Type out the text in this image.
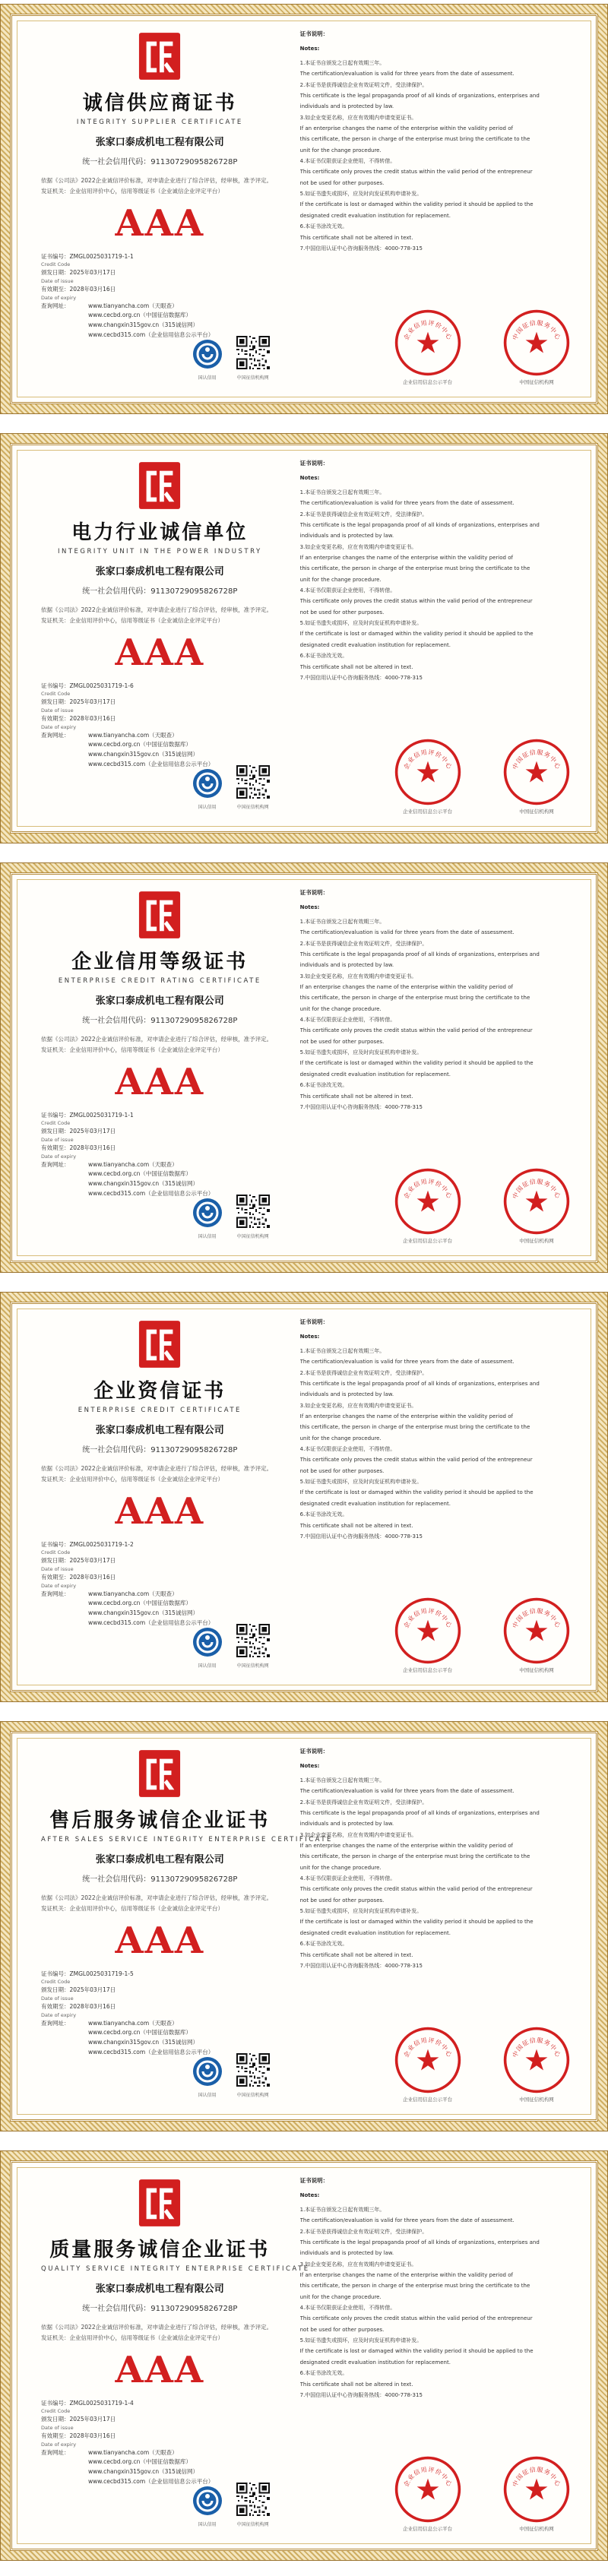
诚信供应商证书
INTEGRITY SUPPLIER CERTIFICATE
张家口泰成机电工程有限公司
统一社会信用代码：91130729095826728P
依据《公司法》2022企业诚信评价标准，对申请企业进行了综合评估，经审核，准予评定。
发证机关：企业信用评价中心，信用等级证书（企业诚信企业评定平台）
AAA
证书编号：ZMGL0025031719-1-1
Credit Code
颁发日期：2025年03月17日
Date of issue
有效期至：2028年03月16日
Date of expiry
查询网址：	www.tianyancha.com（天眼查）
www.cecbd.org.cn（中国征信数据库）
www.changxin315gov.cn（315诚信网）
www.cecbd315.com（企业信用信息公示平台）
国认信用	中国征信机构网
证书说明：
Notes:

1.本证书自颁发之日起有效期三年。

The certification/evaluation is valid for three years from the date of assessment.

2.本证书是获得诚信企业有效证明文件，受法律保护。

This certificate is the legal propaganda proof of all kinds of organizations, enterprises and

individuals and is protected by law.

3.如企业变更名称，应在有效期内申请变更证书。

If an enterprise changes the name of the enterprise within the validity period of

this certificate, the person in charge of the enterprise must bring the certificate to the

unit for the change procedure.

4.本证书仅限获证企业使用，不得转借。

This certificate only proves the credit status within the valid period of the entrepreneur

not be used for other purposes.

5.如证书遗失或损坏，应及时向发证机构申请补发。

If the certificate is lost or damaged within the validity period it should be applied to the

designated credit evaluation institution for replacement.

6.本证书涂改无效。

This certificate shall not be altered in text.

7.中国信用认证中心咨询服务热线：4000-778-315

企业信用评价中心
企业信用信息公示平台
中国征信服务中心
中国征信机构网
电力行业诚信单位
INTEGRITY UNIT IN THE POWER INDUSTRY
张家口泰成机电工程有限公司
统一社会信用代码：91130729095826728P
依据《公司法》2022企业诚信评价标准，对申请企业进行了综合评估，经审核，准予评定。
发证机关：企业信用评价中心，信用等级证书（企业诚信企业评定平台）
AAA
证书编号：ZMGL0025031719-1-6
Credit Code
颁发日期：2025年03月17日
Date of issue
有效期至：2028年03月16日
Date of expiry
查询网址：	www.tianyancha.com（天眼查）
www.cecbd.org.cn（中国征信数据库）
www.changxin315gov.cn（315诚信网）
www.cecbd315.com（企业信用信息公示平台）
国认信用	中国征信机构网
证书说明：
Notes:

1.本证书自颁发之日起有效期三年。

The certification/evaluation is valid for three years from the date of assessment.

2.本证书是获得诚信企业有效证明文件，受法律保护。

This certificate is the legal propaganda proof of all kinds of organizations, enterprises and

individuals and is protected by law.

3.如企业变更名称，应在有效期内申请变更证书。

If an enterprise changes the name of the enterprise within the validity period of

this certificate, the person in charge of the enterprise must bring the certificate to the

unit for the change procedure.

4.本证书仅限获证企业使用，不得转借。

This certificate only proves the credit status within the valid period of the entrepreneur

not be used for other purposes.

5.如证书遗失或损坏，应及时向发证机构申请补发。

If the certificate is lost or damaged within the validity period it should be applied to the

designated credit evaluation institution for replacement.

6.本证书涂改无效。

This certificate shall not be altered in text.

7.中国信用认证中心咨询服务热线：4000-778-315

企业信用评价中心
企业信用信息公示平台
中国征信服务中心
中国征信机构网
企业信用等级证书
ENTERPRISE CREDIT RATING CERTIFICATE
张家口泰成机电工程有限公司
统一社会信用代码：91130729095826728P
依据《公司法》2022企业诚信评价标准，对申请企业进行了综合评估，经审核，准予评定。
发证机关：企业信用评价中心，信用等级证书（企业诚信企业评定平台）
AAA
证书编号：ZMGL0025031719-1-1
Credit Code
颁发日期：2025年03月17日
Date of issue
有效期至：2028年03月16日
Date of expiry
查询网址：	www.tianyancha.com（天眼查）
www.cecbd.org.cn（中国征信数据库）
www.changxin315gov.cn（315诚信网）
www.cecbd315.com（企业信用信息公示平台）
国认信用	中国征信机构网
证书说明：
Notes:

1.本证书自颁发之日起有效期三年。

The certification/evaluation is valid for three years from the date of assessment.

2.本证书是获得诚信企业有效证明文件，受法律保护。

This certificate is the legal propaganda proof of all kinds of organizations, enterprises and

individuals and is protected by law.

3.如企业变更名称，应在有效期内申请变更证书。

If an enterprise changes the name of the enterprise within the validity period of

this certificate, the person in charge of the enterprise must bring the certificate to the

unit for the change procedure.

4.本证书仅限获证企业使用，不得转借。

This certificate only proves the credit status within the valid period of the entrepreneur

not be used for other purposes.

5.如证书遗失或损坏，应及时向发证机构申请补发。

If the certificate is lost or damaged within the validity period it should be applied to the

designated credit evaluation institution for replacement.

6.本证书涂改无效。

This certificate shall not be altered in text.

7.中国信用认证中心咨询服务热线：4000-778-315

企业信用评价中心
企业信用信息公示平台
中国征信服务中心
中国征信机构网
企业资信证书
ENTERPRISE CREDIT CERTIFICATE
张家口泰成机电工程有限公司
统一社会信用代码：91130729095826728P
依据《公司法》2022企业诚信评价标准，对申请企业进行了综合评估，经审核，准予评定。
发证机关：企业信用评价中心，信用等级证书（企业诚信企业评定平台）
AAA
证书编号：ZMGL0025031719-1-2
Credit Code
颁发日期：2025年03月17日
Date of issue
有效期至：2028年03月16日
Date of expiry
查询网址：	www.tianyancha.com（天眼查）
www.cecbd.org.cn（中国征信数据库）
www.changxin315gov.cn（315诚信网）
www.cecbd315.com（企业信用信息公示平台）
国认信用	中国征信机构网
证书说明：
Notes:

1.本证书自颁发之日起有效期三年。

The certification/evaluation is valid for three years from the date of assessment.

2.本证书是获得诚信企业有效证明文件，受法律保护。

This certificate is the legal propaganda proof of all kinds of organizations, enterprises and

individuals and is protected by law.

3.如企业变更名称，应在有效期内申请变更证书。

If an enterprise changes the name of the enterprise within the validity period of

this certificate, the person in charge of the enterprise must bring the certificate to the

unit for the change procedure.

4.本证书仅限获证企业使用，不得转借。

This certificate only proves the credit status within the valid period of the entrepreneur

not be used for other purposes.

5.如证书遗失或损坏，应及时向发证机构申请补发。

If the certificate is lost or damaged within the validity period it should be applied to the

designated credit evaluation institution for replacement.

6.本证书涂改无效。

This certificate shall not be altered in text.

7.中国信用认证中心咨询服务热线：4000-778-315

企业信用评价中心
企业信用信息公示平台
中国征信服务中心
中国征信机构网
售后服务诚信企业证书
AFTER SALES SERVICE INTEGRITY ENTERPRISE CERTIFICATE
张家口泰成机电工程有限公司
统一社会信用代码：91130729095826728P
依据《公司法》2022企业诚信评价标准，对申请企业进行了综合评估，经审核，准予评定。
发证机关：企业信用评价中心，信用等级证书（企业诚信企业评定平台）
AAA
证书编号：ZMGL0025031719-1-5
Credit Code
颁发日期：2025年03月17日
Date of issue
有效期至：2028年03月16日
Date of expiry
查询网址：	www.tianyancha.com（天眼查）
www.cecbd.org.cn（中国征信数据库）
www.changxin315gov.cn（315诚信网）
www.cecbd315.com（企业信用信息公示平台）
国认信用	中国征信机构网
证书说明：
Notes:

1.本证书自颁发之日起有效期三年。

The certification/evaluation is valid for three years from the date of assessment.

2.本证书是获得诚信企业有效证明文件，受法律保护。

This certificate is the legal propaganda proof of all kinds of organizations, enterprises and

individuals and is protected by law.

3.如企业变更名称，应在有效期内申请变更证书。

If an enterprise changes the name of the enterprise within the validity period of

this certificate, the person in charge of the enterprise must bring the certificate to the

unit for the change procedure.

4.本证书仅限获证企业使用，不得转借。

This certificate only proves the credit status within the valid period of the entrepreneur

not be used for other purposes.

5.如证书遗失或损坏，应及时向发证机构申请补发。

If the certificate is lost or damaged within the validity period it should be applied to the

designated credit evaluation institution for replacement.

6.本证书涂改无效。

This certificate shall not be altered in text.

7.中国信用认证中心咨询服务热线：4000-778-315

企业信用评价中心
企业信用信息公示平台
中国征信服务中心
中国征信机构网
质量服务诚信企业证书
QUALITY SERVICE INTEGRITY ENTERPRISE CERTIFICATE
张家口泰成机电工程有限公司
统一社会信用代码：91130729095826728P
依据《公司法》2022企业诚信评价标准，对申请企业进行了综合评估，经审核，准予评定。
发证机关：企业信用评价中心，信用等级证书（企业诚信企业评定平台）
AAA
证书编号：ZMGL0025031719-1-4
Credit Code
颁发日期：2025年03月17日
Date of issue
有效期至：2028年03月16日
Date of expiry
查询网址：	www.tianyancha.com（天眼查）
www.cecbd.org.cn（中国征信数据库）
www.changxin315gov.cn（315诚信网）
www.cecbd315.com（企业信用信息公示平台）
国认信用	中国征信机构网
证书说明：
Notes:

1.本证书自颁发之日起有效期三年。

The certification/evaluation is valid for three years from the date of assessment.

2.本证书是获得诚信企业有效证明文件，受法律保护。

This certificate is the legal propaganda proof of all kinds of organizations, enterprises and

individuals and is protected by law.

3.如企业变更名称，应在有效期内申请变更证书。

If an enterprise changes the name of the enterprise within the validity period of

this certificate, the person in charge of the enterprise must bring the certificate to the

unit for the change procedure.

4.本证书仅限获证企业使用，不得转借。

This certificate only proves the credit status within the valid period of the entrepreneur

not be used for other purposes.

5.如证书遗失或损坏，应及时向发证机构申请补发。

If the certificate is lost or damaged within the validity period it should be applied to the

designated credit evaluation institution for replacement.

6.本证书涂改无效。

This certificate shall not be altered in text.

7.中国信用认证中心咨询服务热线：4000-778-315

企业信用评价中心
企业信用信息公示平台
中国征信服务中心
中国征信机构网
